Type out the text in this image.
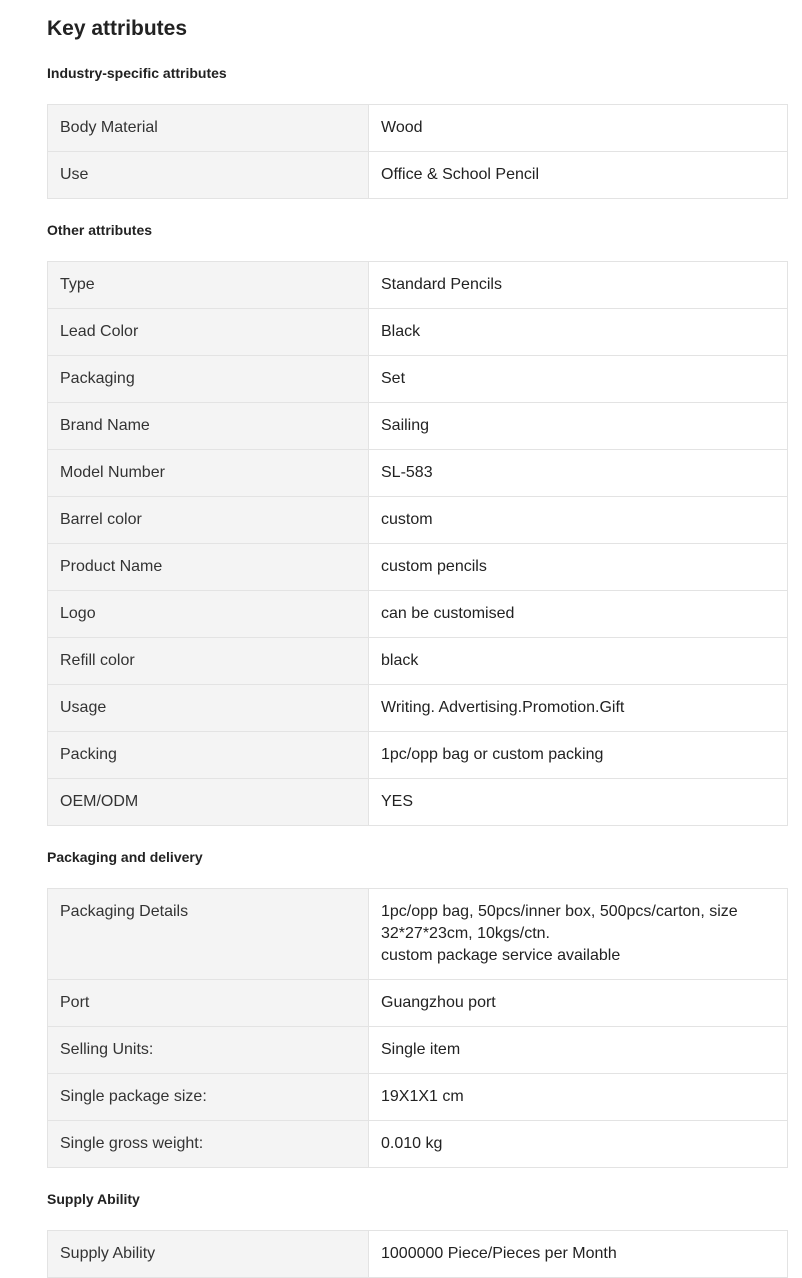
Key attributes
Industry-specific attributes
Body Material	Wood
Use	Office & School Pencil
Other attributes
Type	Standard Pencils
Lead Color	Black
Packaging	Set
Brand Name	Sailing
Model Number	SL-583
Barrel color	custom
Product Name	custom pencils
Logo	can be customised
Refill color	black
Usage	Writing. Advertising.Promotion.Gift
Packing	1pc/opp bag or custom packing
OEM/ODM	YES
Packaging and delivery
Packaging Details	1pc/opp bag, 50pcs/inner box, 500pcs/carton, size 32*27*23cm, 10kgs/ctn.
custom package service available
Port	Guangzhou port
Selling Units:	Single item
Single package size:	19X1X1 cm
Single gross weight:	0.010 kg
Supply Ability
Supply Ability	1000000 Piece/Pieces per Month
